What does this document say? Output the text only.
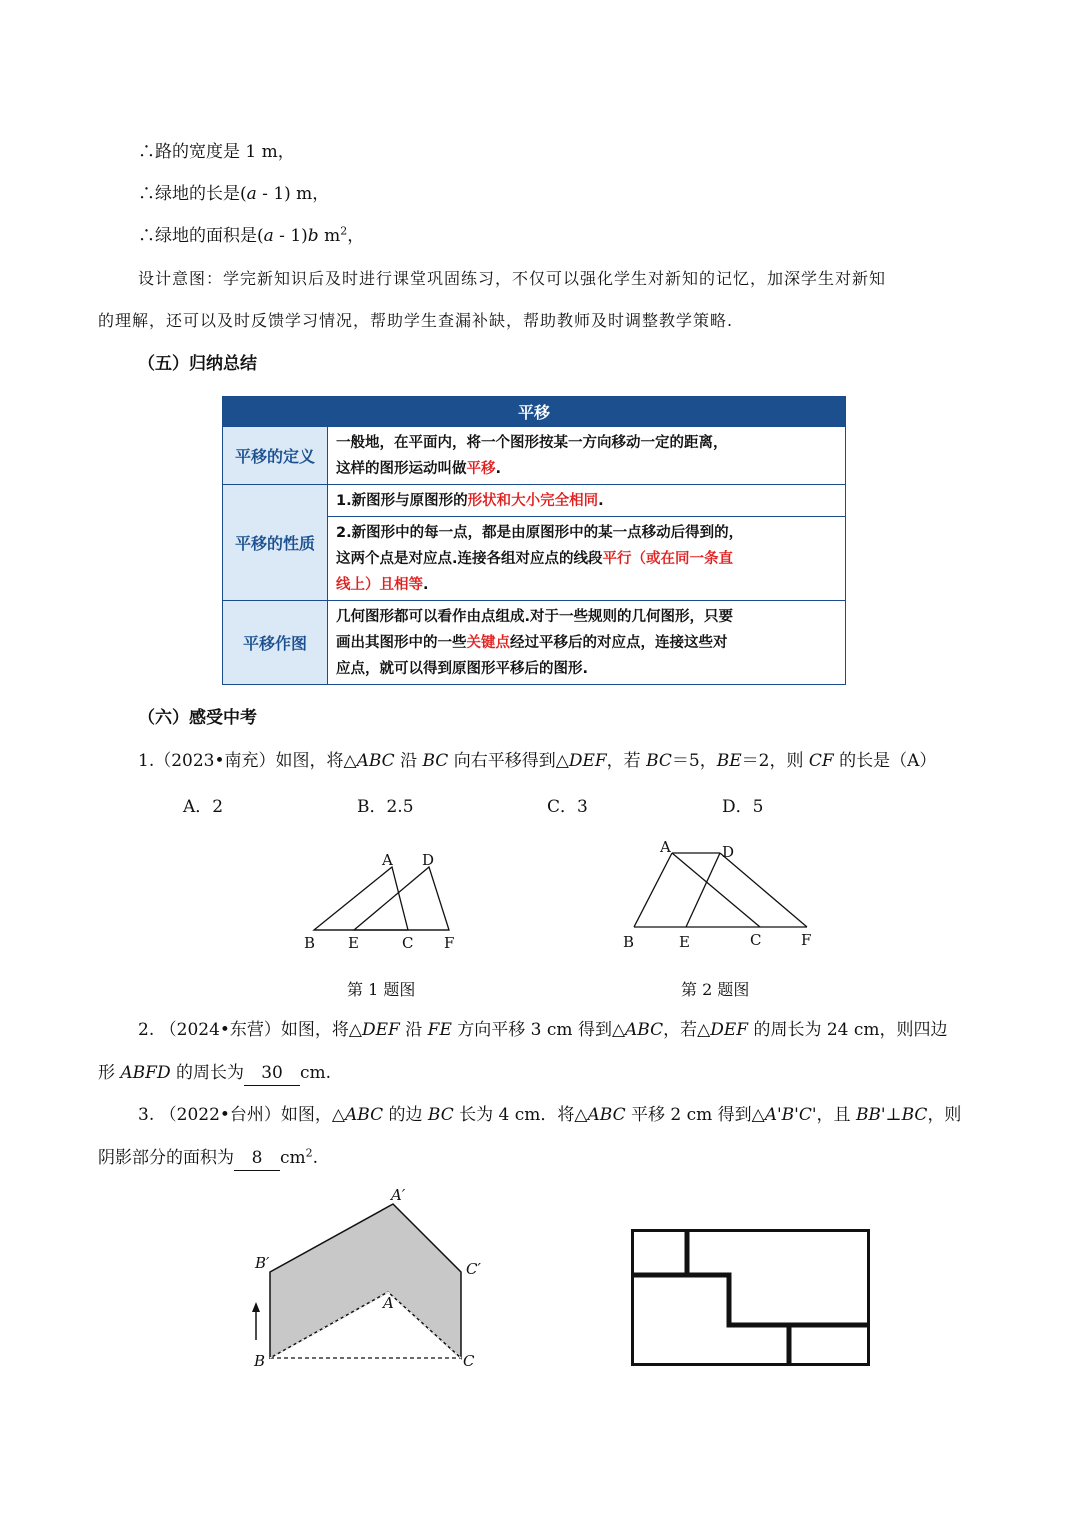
∴路的宽度是 1 m，
∴绿地的长是(a - 1) m，
∴绿地的面积是(a - 1)b $m^2$，
设计意图：学完新知识后及时进行课堂巩固练习，不仅可以强化学生对新知的记忆，加深学生对新知
的理解，还可以及时反馈学习情况，帮助学生查漏补缺，帮助教师及时调整教学策略.
（五）归纳总结
平移	
平移的定义	一般地，在平面内，将一个图形按某一方向移动一定的距离，
这样的图形运动叫做平移.
平移的性质	1.新图形与原图形的形状和大小完全相同.
	2.新图形中的每一点，都是由原图形中的某一点移动后得到的，
这两个点是对应点.连接各组对应点的线段平行（或在同一条直
线上）且相等.
平移作图	几何图形都可以看作由点组成.对于一些规则的几何图形，只要
画出其图形中的一些关键点经过平移后的对应点，连接这些对
应点，就可以得到原图形平移后的图形.
（六）感受中考
1.（2023•南充）如图，将△ABC 沿 BC 向右平移得到△DEF，若 BC＝5，BE＝2，则 CF 的长是（A）
A．2	B．2.5	C．3	D．5
A D
B E	C F
第 1 题图
A	D
B	E	C	F
第 2 题图
2. （2024•东营）如图，将△DEF 沿 FE 方向平移 3 cm 得到△ABC，若△DEF 的周长为 24 cm，则四边
形 ABFD 的周长为 30 cm.
3. （2022•台州）如图，△ABC 的边 BC 长为 4 cm．将△ABC 平移 2 cm 得到△A'B'C'，且 BB'⊥BC，则
阴影部分的面积为 8 $cm^2$.
A′
B′	C′
A
B	C
